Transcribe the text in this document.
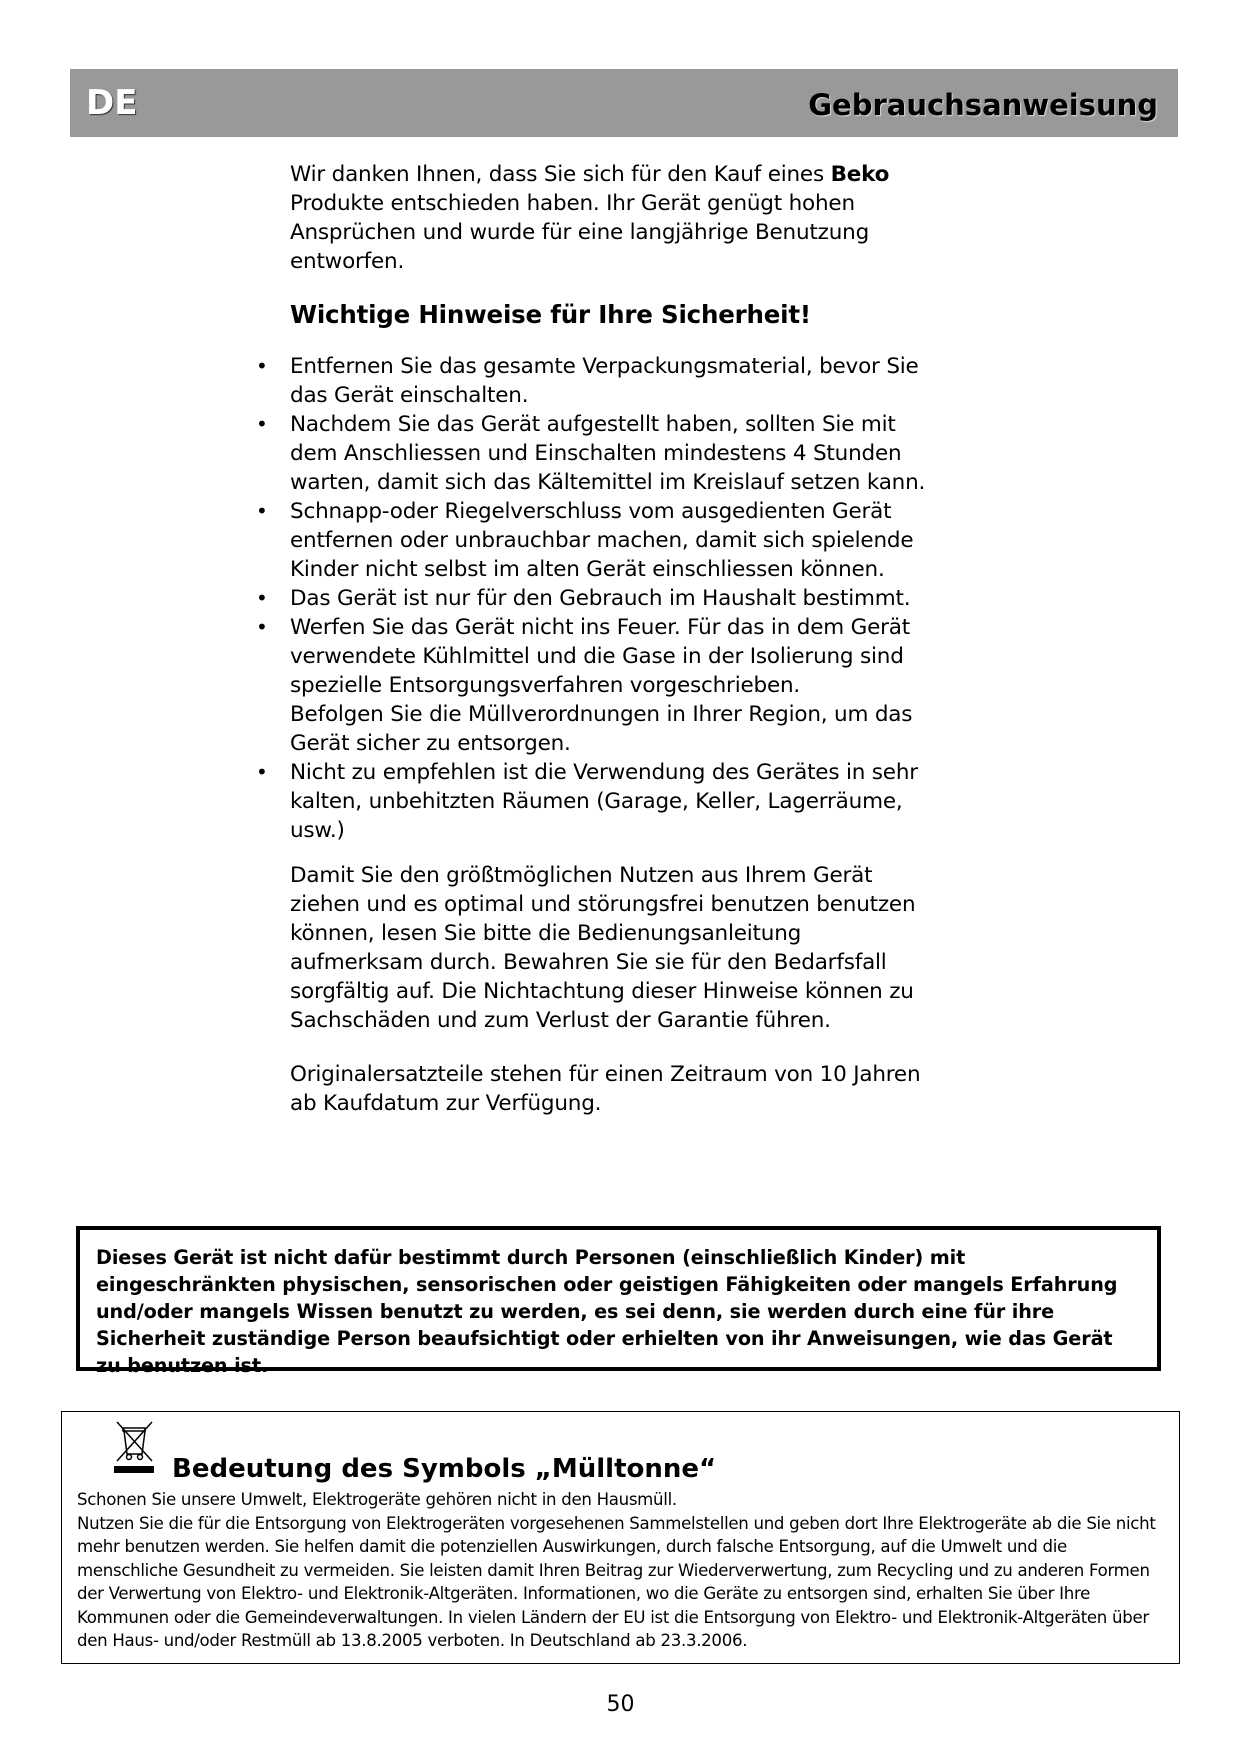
DE	Gebrauchsanweisung

Wir danken Ihnen, dass Sie sich für den Kauf eines Beko Produkte entschieden haben. Ihr Gerät genügt hohen Ansprüchen und wurde für eine langjährige Benutzung entworfen.

Wichtige Hinweise für Ihre Sicherheit!
• Entfernen Sie das gesamte Verpackungsmaterial, bevor Sie das Gerät einschalten.
• Nachdem Sie das Gerät aufgestellt haben, sollten Sie mit dem Anschliessen und Einschalten mindestens 4 Stunden warten, damit sich das Kältemittel im Kreislauf setzen kann.
• Schnapp-oder Riegelverschluss vom ausgedienten Gerät entfernen oder unbrauchbar machen, damit sich spielende Kinder nicht selbst im alten Gerät einschliessen können.
• Das Gerät ist nur für den Gebrauch im Haushalt bestimmt.
• Werfen Sie das Gerät nicht ins Feuer. Für das in dem Gerät verwendete Kühlmittel und die Gase in der Isolierung sind spezielle Entsorgungsverfahren vorgeschrieben.
Befolgen Sie die Müllverordnungen in Ihrer Region, um das Gerät sicher zu entsorgen.
• Nicht zu empfehlen ist die Verwendung des Gerätes in sehr kalten, unbehitzten Räumen (Garage, Keller, Lagerräume, usw.)

Damit Sie den größtmöglichen Nutzen aus Ihrem Gerät ziehen und es optimal und störungsfrei benutzen benutzen können, lesen Sie bitte die Bedienungsanleitung aufmerksam durch. Bewahren Sie sie für den Bedarfsfall sorgfältig auf. Die Nichtachtung dieser Hinweise können zu Sachschäden und zum Verlust der Garantie führen.

Originalersatzteile stehen für einen Zeitraum von 10 Jahren ab Kaufdatum zur Verfügung.

Dieses Gerät ist nicht dafür bestimmt durch Personen (einschließlich Kinder) mit eingeschränkten physischen, sensorischen oder geistigen Fähigkeiten oder mangels Erfahrung und/oder mangels Wissen benutzt zu werden, es sei denn, sie werden durch eine für ihre Sicherheit zuständige Person beaufsichtigt oder erhielten von ihr Anweisungen, wie das Gerät zu benutzen ist.
Bedeutung des Symbols „Mülltonne“

Schonen Sie unsere Umwelt, Elektrogeräte gehören nicht in den Hausmüll.

Nutzen Sie die für die Entsorgung von Elektrogeräten vorgesehenen Sammelstellen und geben dort Ihre Elektrogeräte ab die Sie nicht mehr benutzen werden. Sie helfen damit die potenziellen Auswirkungen, durch falsche Entsorgung, auf die Umwelt und die menschliche Gesundheit zu vermeiden. Sie leisten damit Ihren Beitrag zur Wiederverwertung, zum Recycling und zu anderen Formen der Verwertung von Elektro- und Elektronik-Altgeräten. Informationen, wo die Geräte zu entsorgen sind, erhalten Sie über Ihre Kommunen oder die Gemeindeverwaltungen. In vielen Ländern der EU ist die Entsorgung von Elektro- und Elektronik-Altgeräten über den Haus- und/oder Restmüll ab 13.8.2005 verboten. In Deutschland ab 23.3.2006.

50
